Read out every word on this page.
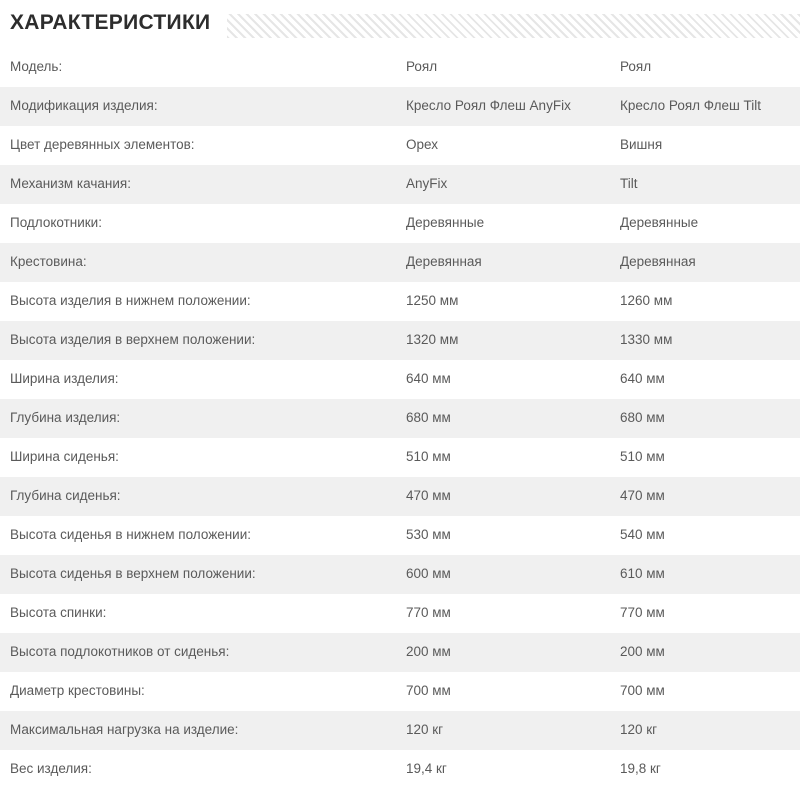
ХАРАКТЕРИСТИКИ
Модель:	Роял	Роял
Модификация изделия:	Кресло Роял Флеш AnyFix	Кресло Роял Флеш Tilt
Цвет деревянных элементов:	Орех	Вишня
Механизм качания:	AnyFix	Tilt
Подлокотники:	Деревянные	Деревянные
Крестовина:	Деревянная	Деревянная
Высота изделия в нижнем положении:	1250 мм	1260 мм
Высота изделия в верхнем положении:	1320 мм	1330 мм
Ширина изделия:	640 мм	640 мм
Глубина изделия:	680 мм	680 мм
Ширина сиденья:	510 мм	510 мм
Глубина сиденья:	470 мм	470 мм
Высота сиденья в нижнем положении:	530 мм	540 мм
Высота сиденья в верхнем положении:	600 мм	610 мм
Высота спинки:	770 мм	770 мм
Высота подлокотников от сиденья:	200 мм	200 мм
Диаметр крестовины:	700 мм	700 мм
Максимальная нагрузка на изделие:	120 кг	120 кг
Вес изделия:	19,4 кг	19,8 кг
